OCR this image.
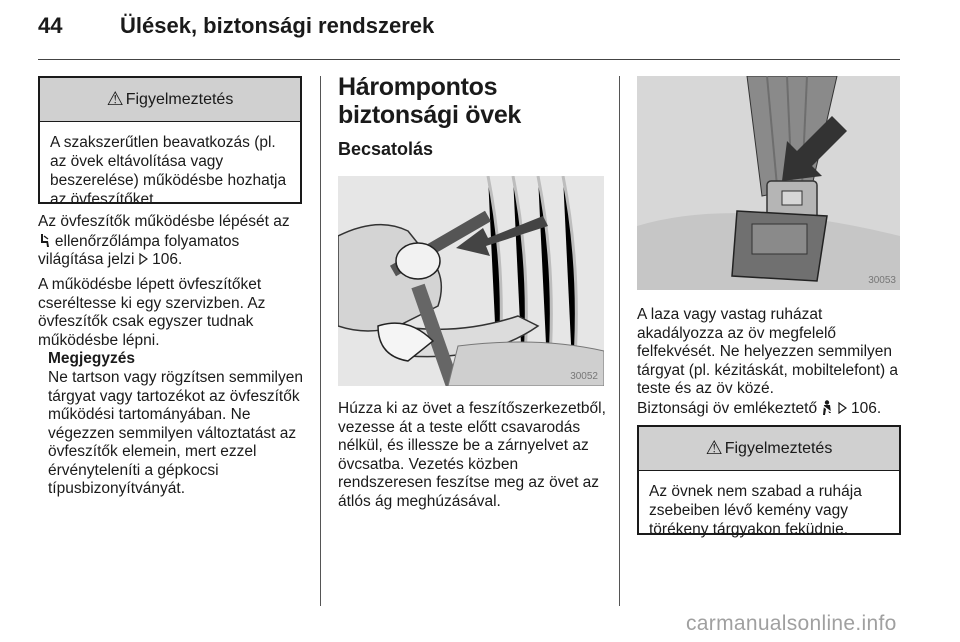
44	Ülések, biztonsági rendszerek
⚠ Figyelmeztetés
A szakszerűtlen beavatkozás (pl. az övek eltávolítása vagy beszerelése) működésbe hozhatja az övfeszítőket.
Az övfeszítők működésbe lépését az  ellenőrzőlámpa folyamatos világítása jelzi 106.
A működésbe lépett övfeszítőket cseréltesse ki egy szervizben. Az övfeszítők csak egyszer tudnak működésbe lépni.
Megjegyzés
Ne tartson vagy rögzítsen semmilyen tárgyat vagy tartozékot az övfeszítők működési tartományában. Ne végezzen semmilyen változtatást az övfeszítők elemein, mert ezzel érvényteleníti a gépkocsi típusbizonyítványát.
Hárompontos biztonsági övek
Becsatolás
30052
Húzza ki az övet a feszítőszerkezetből, vezesse át a teste előtt csavarodás nélkül, és illessze be a zárnyelvet az övcsatba. Vezetés közben rendszeresen feszítse meg az övet az átlós ág meghúzásával.
30053
A laza vagy vastag ruházat akadályozza az öv megfelelő felfekvését. Ne helyezzen semmilyen tárgyat (pl. kézitáskát, mobiltelefont) a teste és az öv közé.
Biztonsági öv emlékeztető 106.
⚠ Figyelmeztetés
Az övnek nem szabad a ruhája zsebeiben lévő kemény vagy törékeny tárgyakon feküdnie.
carmanualsonline.info
